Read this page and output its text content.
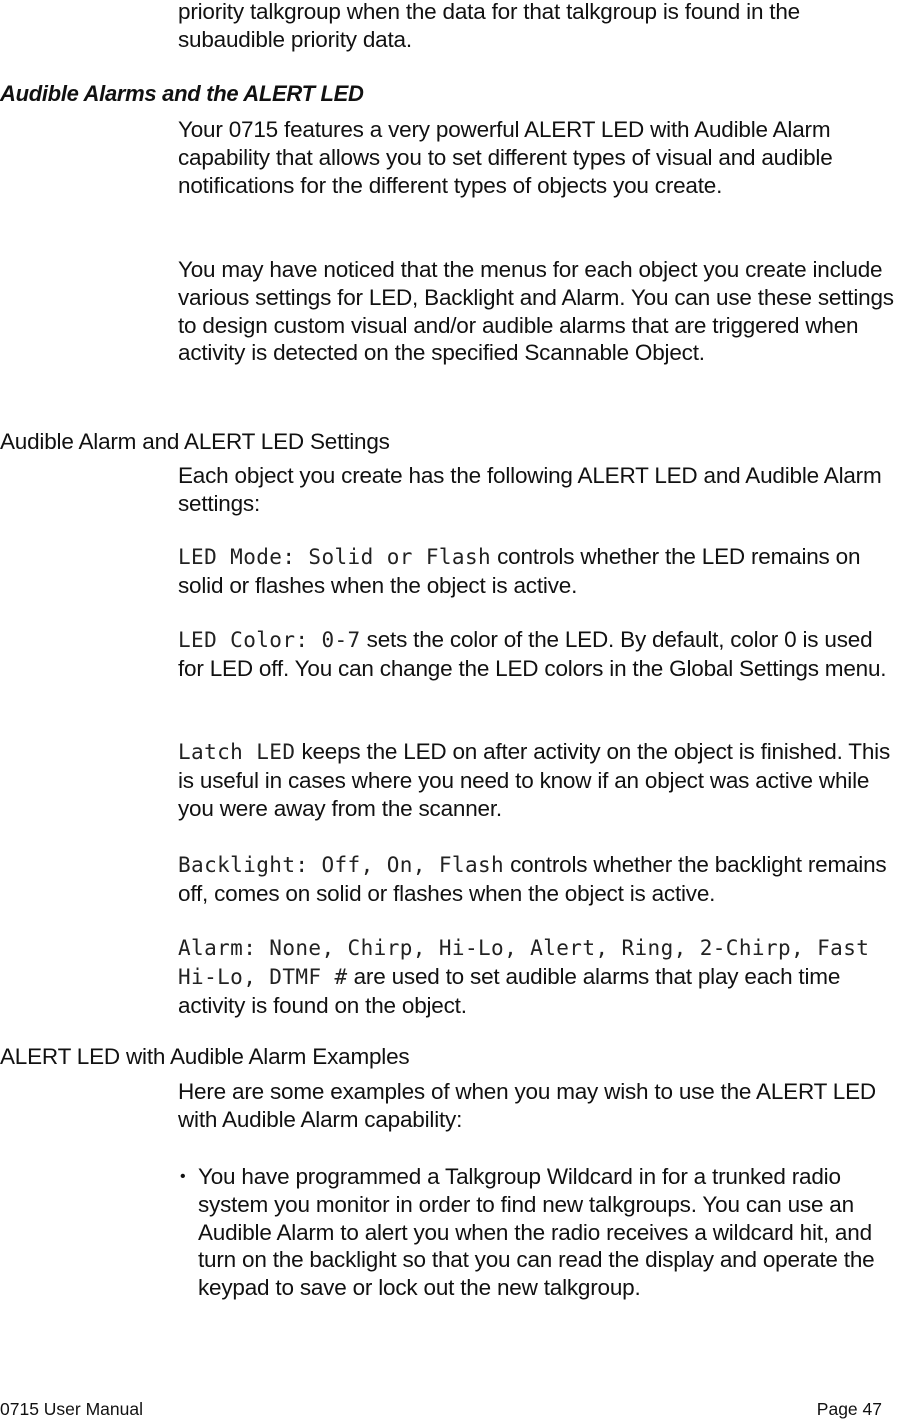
priority talkgroup when the data for that talkgroup is found in the subaudible priority data.
Audible Alarms and the ALERT LED
Your 0715 features a very powerful ALERT LED with Audible Alarm capability that allows you to set different types of visual and audible notifications for the different types of objects you create.
You may have noticed that the menus for each object you create include various settings for LED, Backlight and Alarm. You can use these settings to design custom visual and/or audible alarms that are triggered when activity is detected on the specified Scannable Object.
Audible Alarm and ALERT LED Settings
Each object you create has the following ALERT LED and Audible Alarm settings:
LED Mode: Solid or Flash controls whether the LED remains on solid or flashes when the object is active.
LED Color: 0-7 sets the color of the LED. By default, color 0 is used for LED off. You can change the LED colors in the Global Settings menu.
Latch LED keeps the LED on after activity on the object is finished. This is useful in cases where you need to know if an object was active while you were away from the scanner.
Backlight: Off, On, Flash controls whether the backlight remains off, comes on solid or flashes when the object is active.
Alarm: None, Chirp, Hi-Lo, Alert, Ring, 2-Chirp, Fast Hi-Lo, DTMF # are used to set audible alarms that play each time activity is found on the object.
ALERT LED with Audible Alarm Examples
Here are some examples of when you may wish to use the ALERT LED with Audible Alarm capability:
• You have programmed a Talkgroup Wildcard in for a trunked radio system you monitor in order to find new talkgroups. You can use an Audible Alarm to alert you when the radio receives a wildcard hit, and turn on the backlight so that you can read the display and operate the keypad to save or lock out the new talkgroup.
0715 User Manual	Page 47
